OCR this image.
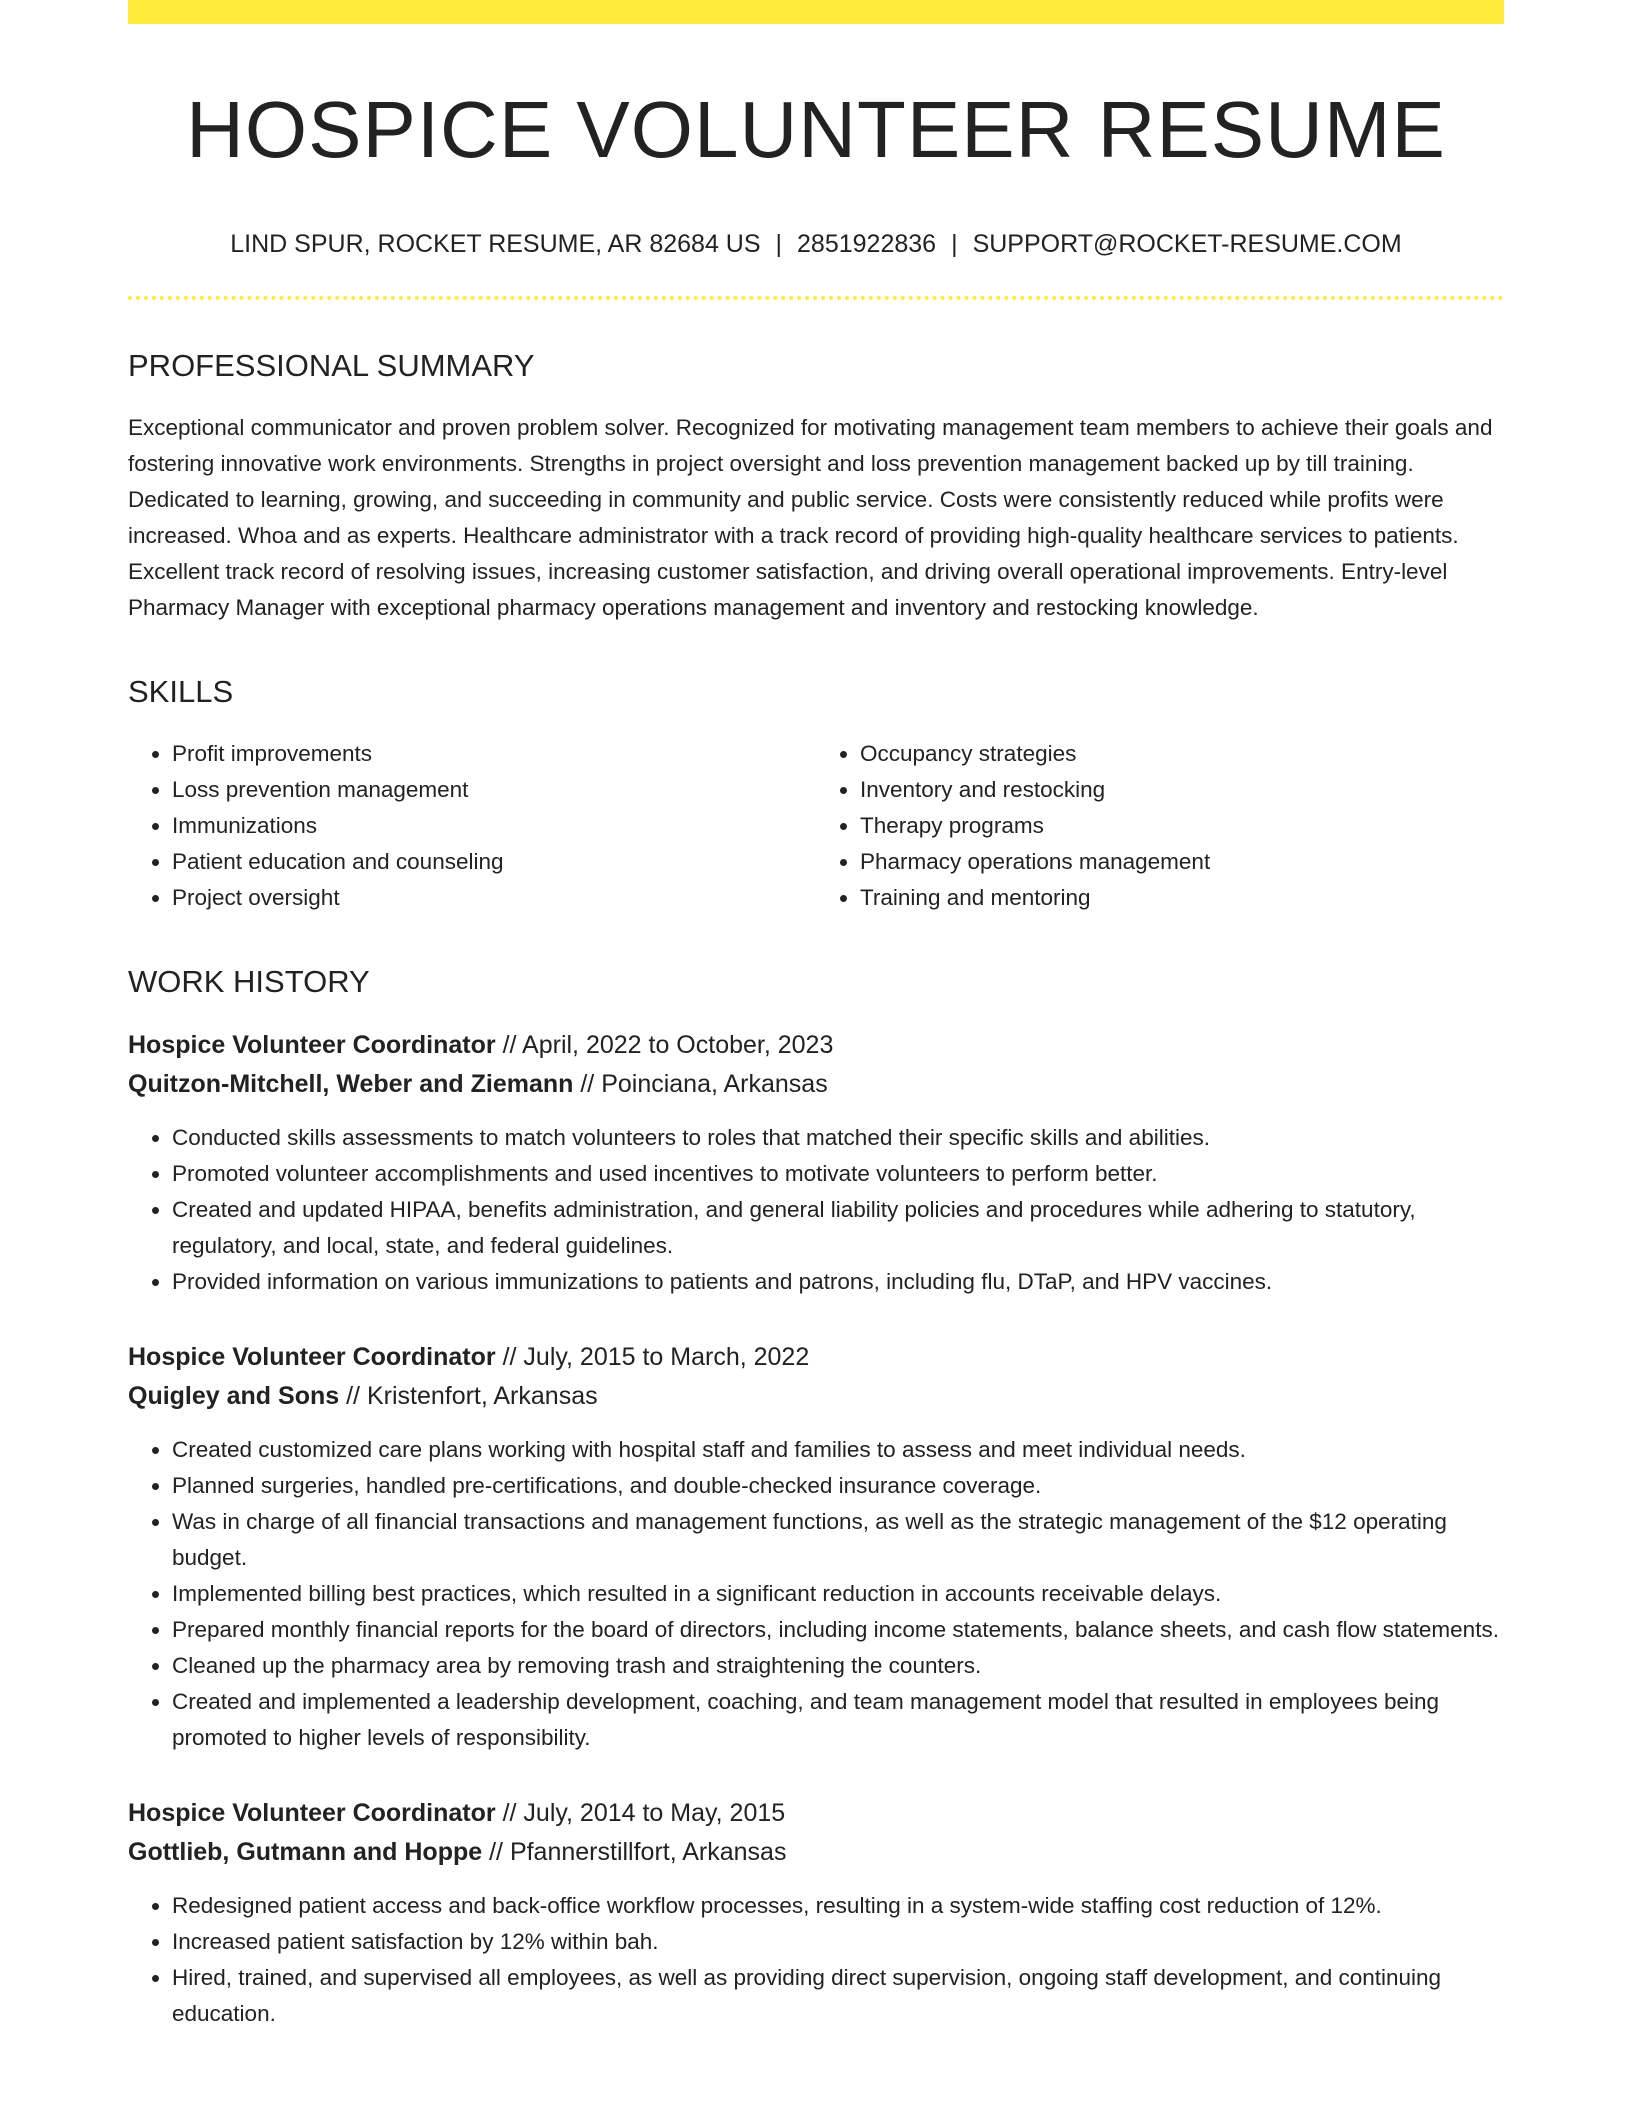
HOSPICE VOLUNTEER RESUME
LIND SPUR, ROCKET RESUME, AR 82684 US | 2851922836 | SUPPORT@ROCKET-RESUME.COM
PROFESSIONAL SUMMARY

Exceptional communicator and proven problem solver. Recognized for motivating management team members to achieve their goals and fostering innovative work environments. Strengths in project oversight and loss prevention management backed up by till training. Dedicated to learning, growing, and succeeding in community and public service. Costs were consistently reduced while profits were increased. Whoa and as experts. Healthcare administrator with a track record of providing high-quality healthcare services to patients. Excellent track record of resolving issues, increasing customer satisfaction, and driving overall operational improvements. Entry-level Pharmacy Manager with exceptional pharmacy operations management and inventory and restocking knowledge.

SKILLS
• Profit improvements
• Loss prevention management
• Immunizations
• Patient education and counseling
• Project oversight
• Occupancy strategies
• Inventory and restocking
• Therapy programs
• Pharmacy operations management
• Training and mentoring
WORK HISTORY
Hospice Volunteer Coordinator // April, 2022 to October, 2023
Quitzon-Mitchell, Weber and Ziemann // Poinciana, Arkansas
• Conducted skills assessments to match volunteers to roles that matched their specific skills and abilities.
• Promoted volunteer accomplishments and used incentives to motivate volunteers to perform better.
• Created and updated HIPAA, benefits administration, and general liability policies and procedures while adhering to statutory, regulatory, and local, state, and federal guidelines.
• Provided information on various immunizations to patients and patrons, including flu, DTaP, and HPV vaccines.
Hospice Volunteer Coordinator // July, 2015 to March, 2022
Quigley and Sons // Kristenfort, Arkansas
• Created customized care plans working with hospital staff and families to assess and meet individual needs.
• Planned surgeries, handled pre-certifications, and double-checked insurance coverage.
• Was in charge of all financial transactions and management functions, as well as the strategic management of the $12 operating budget.
• Implemented billing best practices, which resulted in a significant reduction in accounts receivable delays.
• Prepared monthly financial reports for the board of directors, including income statements, balance sheets, and cash flow statements.
• Cleaned up the pharmacy area by removing trash and straightening the counters.
• Created and implemented a leadership development, coaching, and team management model that resulted in employees being promoted to higher levels of responsibility.
Hospice Volunteer Coordinator // July, 2014 to May, 2015
Gottlieb, Gutmann and Hoppe // Pfannerstillfort, Arkansas
• Redesigned patient access and back-office workflow processes, resulting in a system-wide staffing cost reduction of 12%.
• Increased patient satisfaction by 12% within bah.
• Hired, trained, and supervised all employees, as well as providing direct supervision, ongoing staff development, and continuing education.
